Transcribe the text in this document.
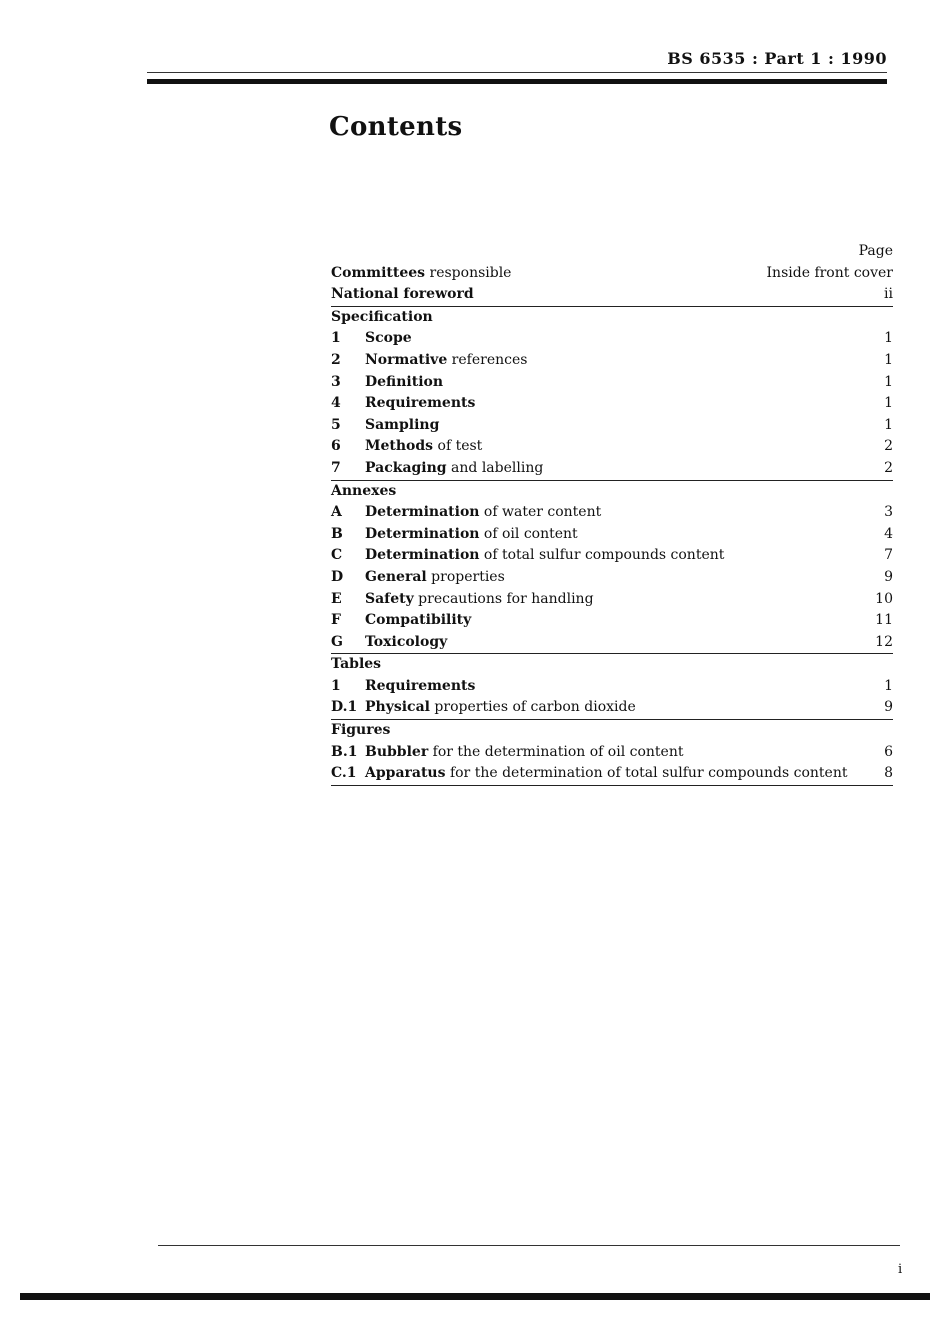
BS 6535 : Part 1 : 1990
Contents
Page
Committees responsible	Inside front cover
National foreword	ii
Specification
1	Scope	1
2	Normative references	1
3	Definition	1
4	Requirements	1
5	Sampling	1
6	Methods of test	2
7	Packaging and labelling	2
Annexes
A	Determination of water content	3
B	Determination of oil content	4
C	Determination of total sulfur compounds content	7
D	General properties	9
E	Safety precautions for handling	10
F	Compatibility	11
G	Toxicology	12
Tables
1	Requirements	1
D.1 Physical properties of carbon dioxide	9
Figures
B.1 Bubbler for the determination of oil content	6
C.1 Apparatus for the determination of total sulfur compounds content	8
i
